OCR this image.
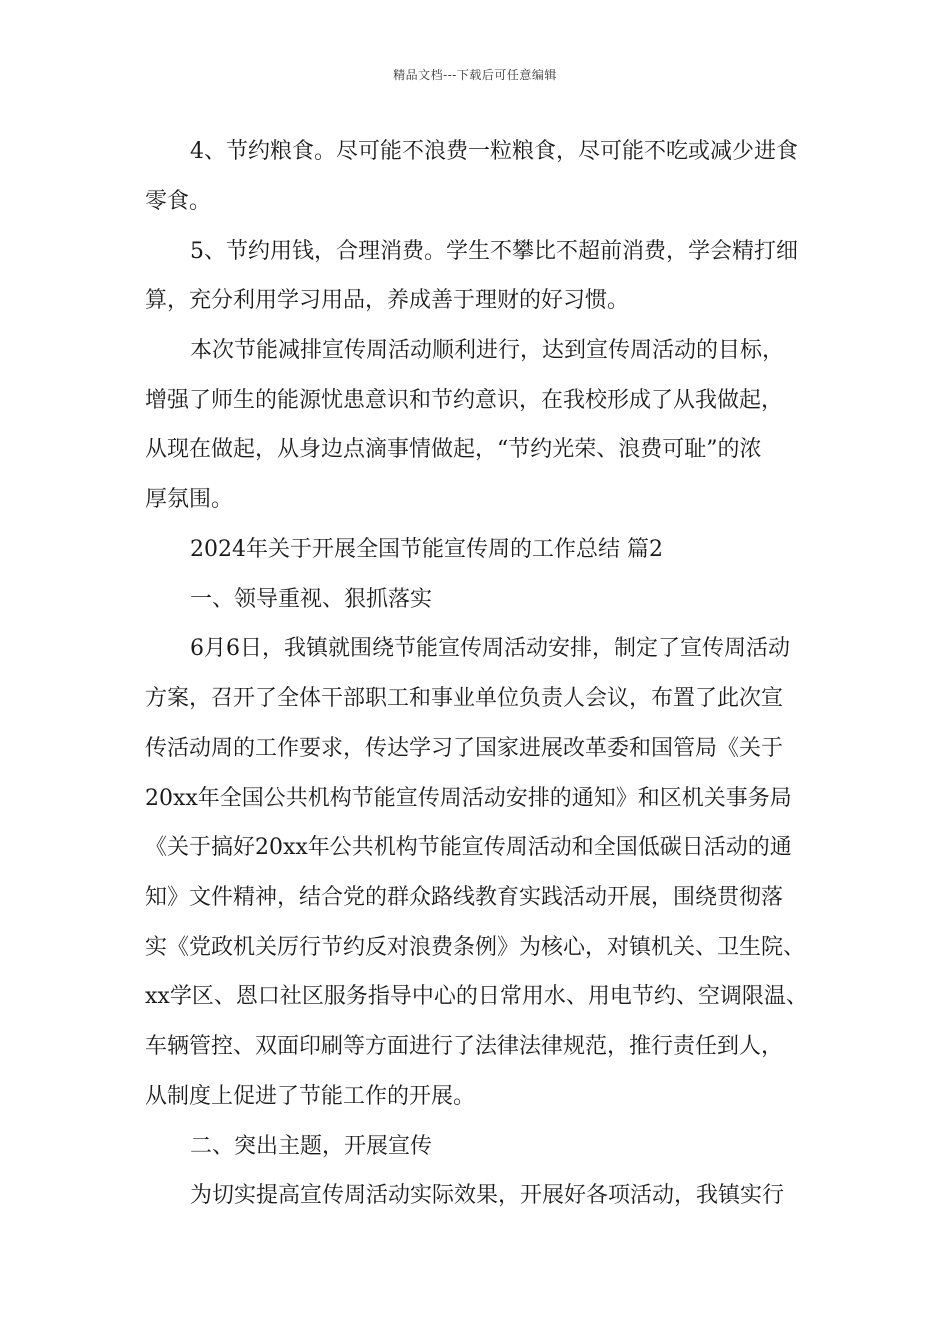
精品文档---下载后可任意编辑
4、节约粮食。尽可能不浪费一粒粮食，尽可能不吃或减少进食
零食。
5、节约用钱，合理消费。学生不攀比不超前消费，学会精打细
算，充分利用学习用品，养成善于理财的好习惯。
本次节能减排宣传周活动顺利进行，达到宣传周活动的目标，
增强了师生的能源忧患意识和节约意识，在我校形成了从我做起，
从现在做起，从身边点滴事情做起，“节约光荣、浪费可耻”的浓
厚氛围。
2024年关于开展全国节能宣传周的工作总结 篇2
一、领导重视、狠抓落实
6月6日，我镇就围绕节能宣传周活动安排，制定了宣传周活动
方案，召开了全体干部职工和事业单位负责人会议，布置了此次宣
传活动周的工作要求，传达学习了国家进展改革委和国管局《关于
20xx年全国公共机构节能宣传周活动安排的通知》和区机关事务局
《关于搞好20xx年公共机构节能宣传周活动和全国低碳日活动的通
知》文件精神，结合党的群众路线教育实践活动开展，围绕贯彻落
实《党政机关厉行节约反对浪费条例》为核心，对镇机关、卫生院、
xx学区、恩口社区服务指导中心的日常用水、用电节约、空调限温、
车辆管控、双面印刷等方面进行了法律法律规范，推行责任到人，
从制度上促进了节能工作的开展。
二、突出主题，开展宣传
为切实提高宣传周活动实际效果，开展好各项活动，我镇实行
